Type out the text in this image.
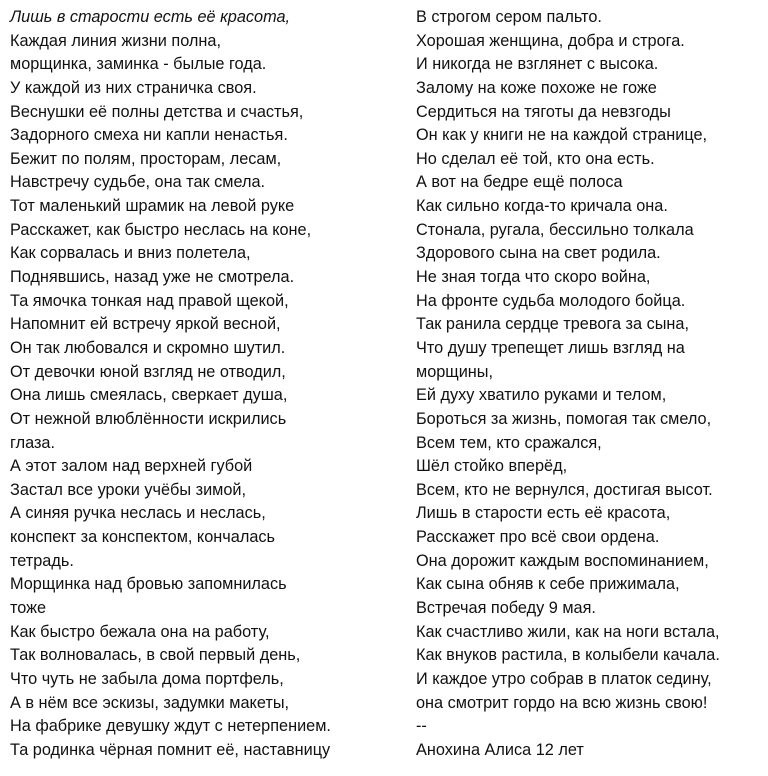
Лишь в старости есть её красота,
Каждая линия жизни полна,
морщинка, заминка - былые года.
У каждой из них страничка своя.
Веснушки её полны детства и счастья,
Задорного смеха ни капли ненастья.
Бежит по полям, просторам, лесам,
Навстречу судьбе, она так смела.
Тот маленький шрамик на левой руке
Расскажет, как быстро неслась на коне,
Как сорвалась и вниз полетела,
Поднявшись, назад уже не смотрела.
Та ямочка тонкая над правой щекой,
Напомнит ей встречу яркой весной,
Он так любовался и скромно шутил.
От девочки юной взгляд не отводил,
Она лишь смеялась, сверкает душа,
От нежной влюблённости искрились
глаза.
А этот залом над верхней губой
Застал все уроки учёбы зимой,
А синяя ручка неслась и неслась,
конспект за конспектом, кончалась
тетрадь.
Морщинка над бровью запомнилась
тоже
Как быстро бежала она на работу,
Так волновалась, в свой первый день,
Что чуть не забыла дома портфель,
А в нём все эскизы, задумки макеты,
На фабрике девушку ждут с нетерпением.
Та родинка чёрная помнит её, наставницу
В строгом сером пальто.
Хорошая женщина, добра и строга.
И никогда не взглянет с высока.
Залому на коже похоже не гоже
Сердиться на тяготы да невзгоды
Он как у книги не на каждой странице,
Но сделал её той, кто она есть.
А вот на бедре ещё полоса
Как сильно когда-то кричала она.
Стонала, ругала, бессильно толкала
Здорового сына на свет родила.
Не зная тогда что скоро война,
На фронте судьба молодого бойца.
Так ранила сердце тревога за сына,
Что душу трепещет лишь взгляд на
морщины,
Ей духу хватило руками и телом,
Бороться за жизнь, помогая так смело,
Всем тем, кто сражался,
Шёл стойко вперёд,
Всем, кто не вернулся, достигая высот.
Лишь в старости есть её красота,
Расскажет про всё свои ордена.
Она дорожит каждым воспоминанием,
Как сына обняв к себе прижимала,
Встречая победу 9 мая.
Как счастливо жили, как на ноги встала,
Как внуков растила, в колыбели качала.
И каждое утро собрав в платок седину,
она смотрит гордо на всю жизнь свою!
--
Анохина Алиса 12 лет
